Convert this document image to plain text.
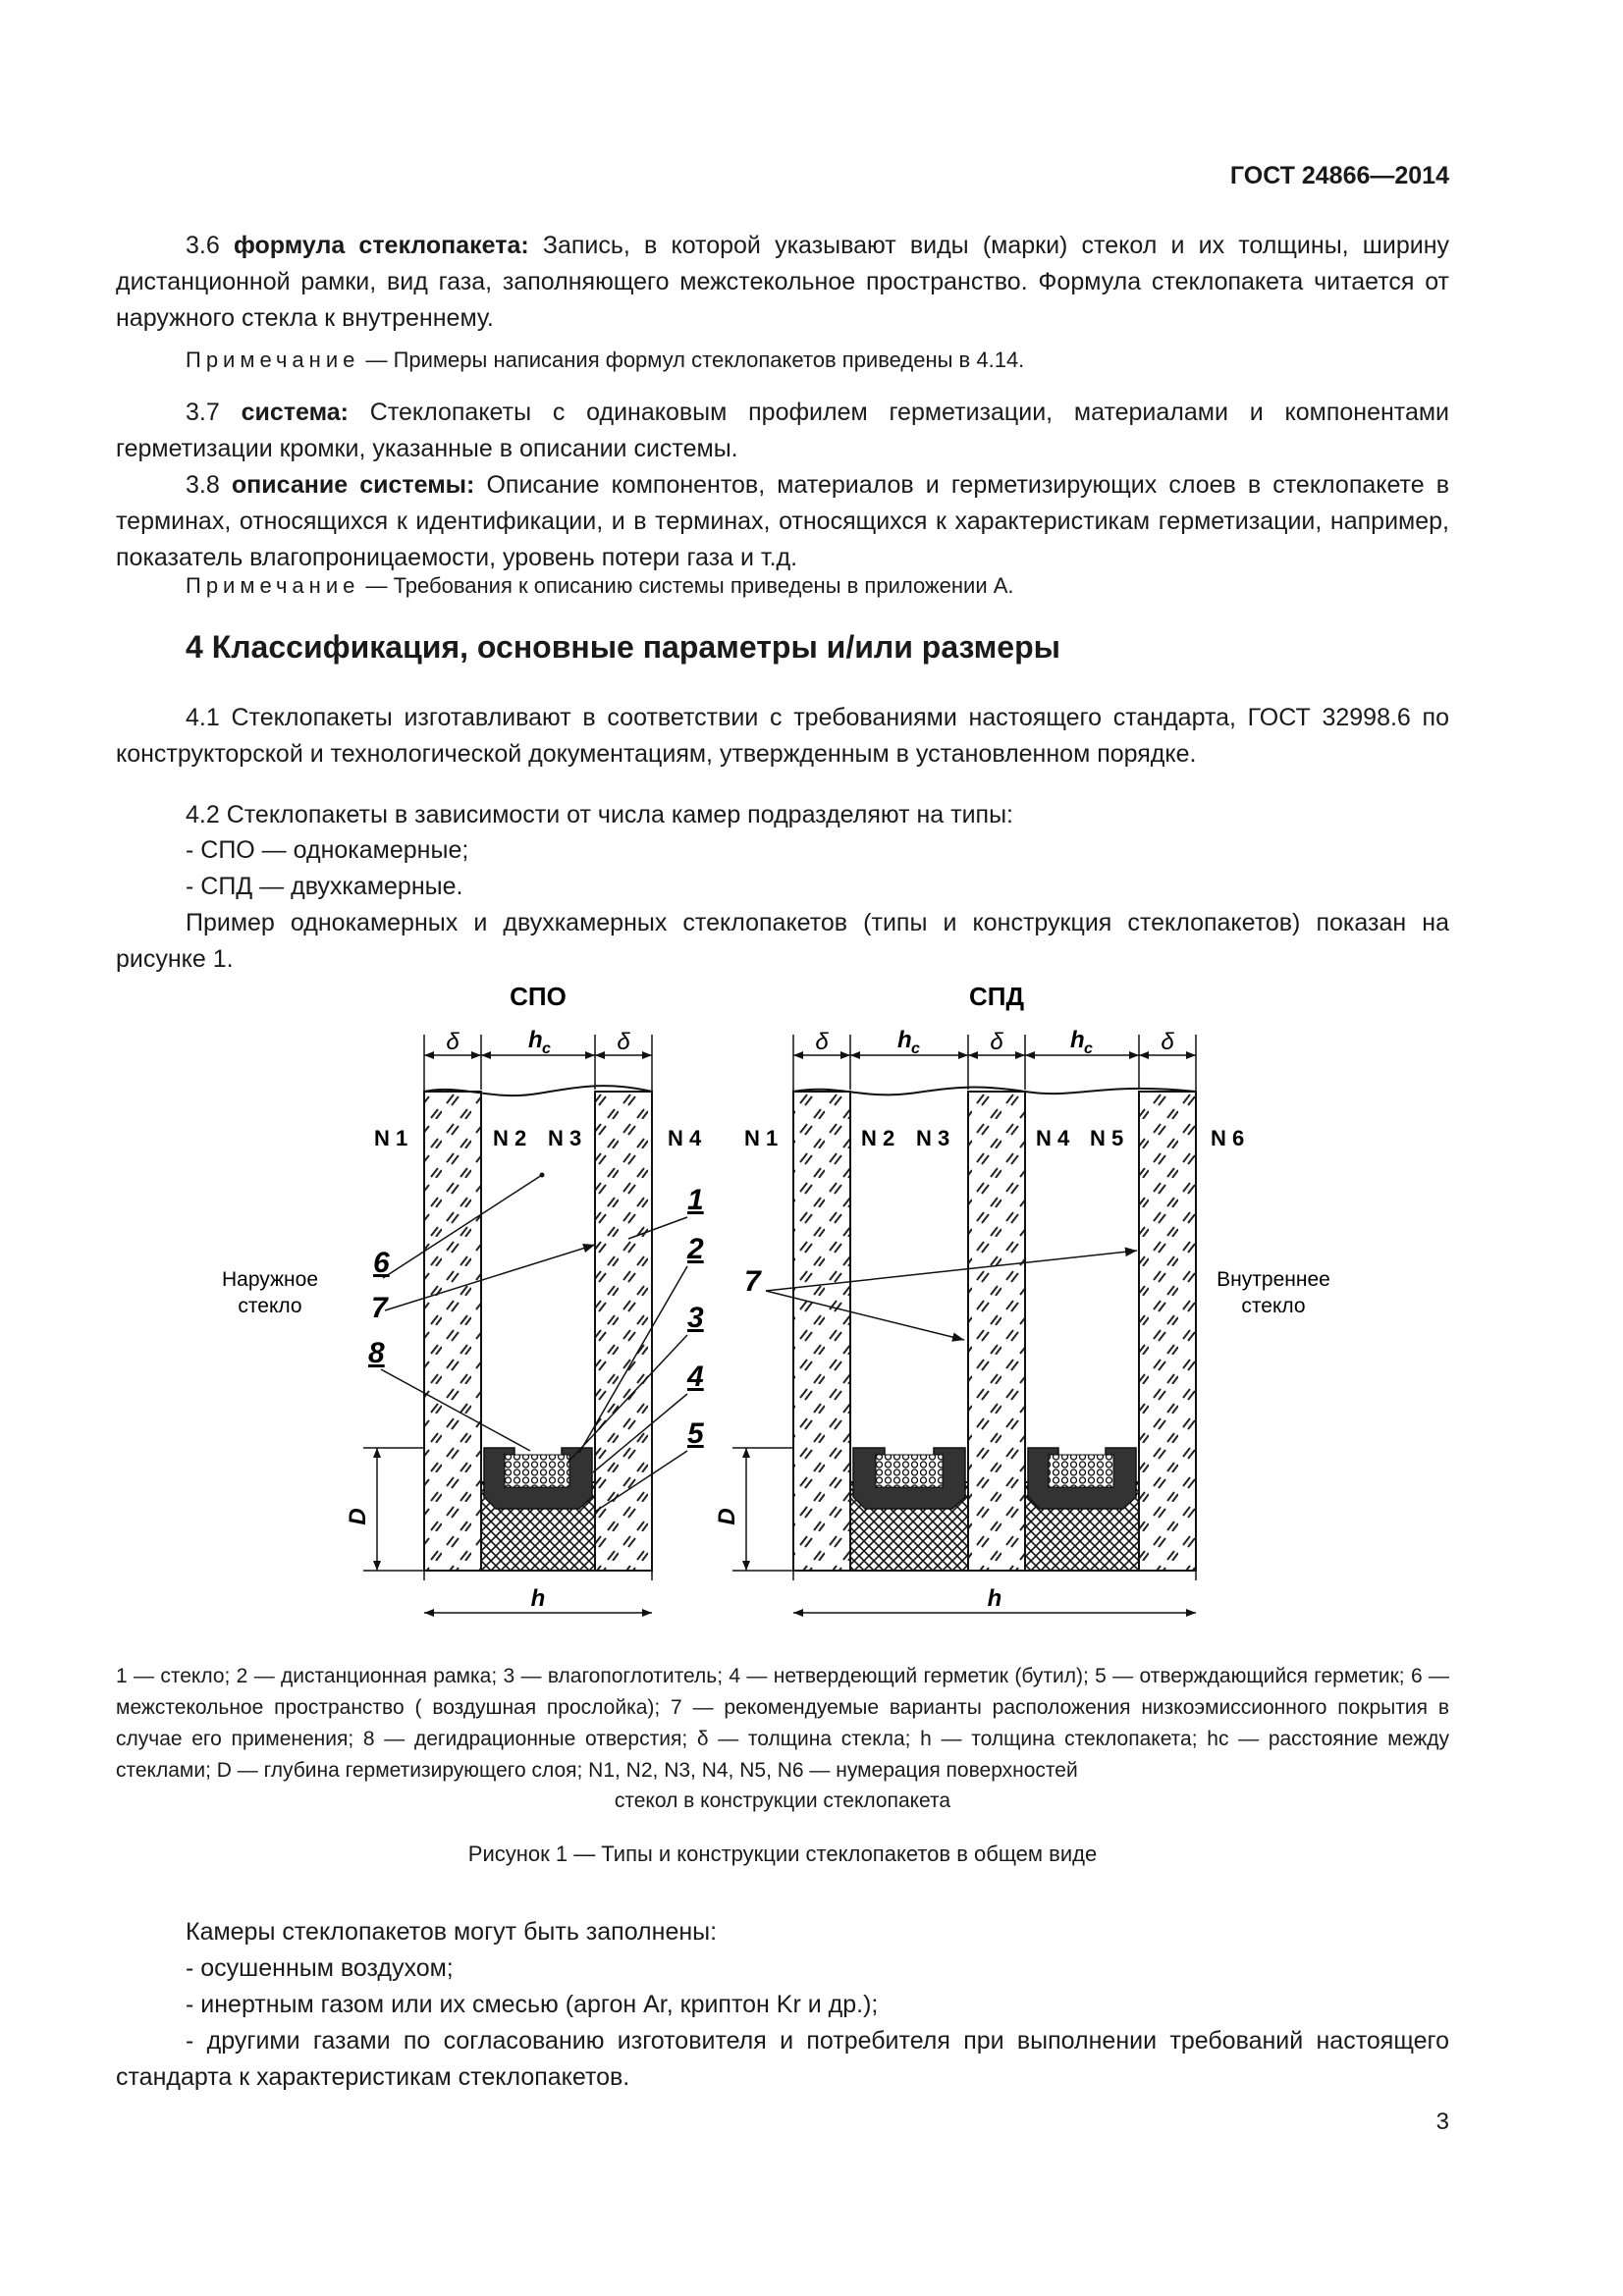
ГОСТ 24866—2014
3.6 формула стеклопакета: Запись, в которой указывают виды (марки) стекол и их толщины, ширину дистанционной рамки, вид газа, заполняющего межстекольное пространство. Формула стеклопакета читается от наружного стекла к внутреннему.
Примечание — Примеры написания формул стеклопакетов приведены в 4.14.
3.7 система: Стеклопакеты с одинаковым профилем герметизации, материалами и компонентами герметизации кромки, указанные в описании системы.
3.8 описание системы: Описание компонентов, материалов и герметизирующих слоев в стеклопакете в терминах, относящихся к идентификации, и в терминах, относящихся к характеристикам герметизации, например, показатель влагопроницаемости, уровень потери газа и т.д.
Примечание — Требования к описанию системы приведены в приложении А.
4 Классификация, основные параметры и/или размеры
4.1 Стеклопакеты изготавливают в соответствии с требованиями настоящего стандарта, ГОСТ 32998.6 по конструкторской и технологической документациям, утвержденным в установленном порядке.
4.2 Стеклопакеты в зависимости от числа камер подразделяют на типы:
- СПО — однокамерные;
- СПД — двухкамерные.
Пример однокамерных и двухкамерных стеклопакетов (типы и конструкция стеклопакетов) показан на рисунке 1.
СПО
δ	h c	δ
D
h
N 1	N 2 N 3	N 4
6
7
8
1
2
3
4
5
Наружное
стекло
СПД
δ	h c	δ	h c	δ
D
h
N 1	N 2 N 3	N 4 N 5	N 6
7	Внутреннее
стекло
1 — стекло; 2 — дистанционная рамка; 3 — влагопоглотитель; 4 — нетвердеющий герметик (бутил); 5 — отверждающийся герметик; 6 — межстекольное пространство ( воздушная прослойка); 7 — рекомендуемые варианты расположения низкоэмиссионного покрытия в случае его применения; 8 — дегидрационные отверстия; δ — толщина стекла; h — толщина стеклопакета; hc — расстояние между стеклами; D — глубина герметизирующего слоя; N1, N2, N3, N4, N5, N6 — нумерация поверхностей
стекол в конструкции стеклопакета
Рисунок 1 — Типы и конструкции стеклопакетов в общем виде
Камеры стеклопакетов могут быть заполнены:
- осушенным воздухом;
- инертным газом или их смесью (аргон Ar, криптон Kr и др.);
- другими газами по согласованию изготовителя и потребителя при выполнении требований настоящего стандарта к характеристикам стеклопакетов.
3
